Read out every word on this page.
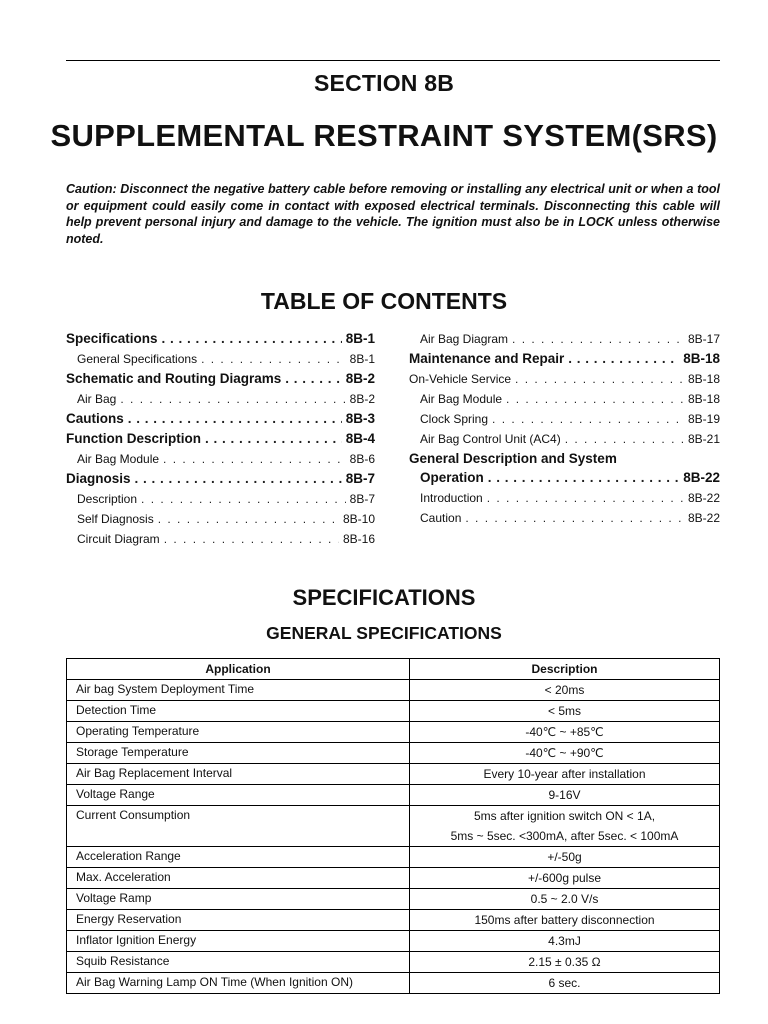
SECTION 8B
SUPPLEMENTAL RESTRAINT SYSTEM(SRS)
Caution: Disconnect the negative battery cable before removing or installing any electrical unit or when a tool or equipment could easily come in contact with exposed electrical terminals. Disconnecting this cable will help prevent personal injury and damage to the vehicle. The ignition must also be in LOCK unless otherwise noted.
TABLE OF CONTENTS
Specifications . . .	8B-1
General Specifications . . .	8B-1
Schematic and Routing Diagrams . . .	8B-2
Air Bag . . .	8B-2
Cautions . . .	8B-3
Function Description . . .	8B-4
Air Bag Module . . .	8B-6
Diagnosis . . .	8B-7
Description . . .	8B-7
Self Diagnosis . . .	8B-10
Circuit Diagram . . .	8B-16
Air Bag Diagram . . .	8B-17
Maintenance and Repair . . .	8B-18
On-Vehicle Service . . .	8B-18
Air Bag Module . . .	8B-18
Clock Spring . . .	8B-19
Air Bag Control Unit (AC4) . . .	8B-21
General Description and System
Operation . . .	8B-22
Introduction . . .	8B-22
Caution . . .	8B-22
SPECIFICATIONS
GENERAL SPECIFICATIONS
Application	Description
Air bag System Deployment Time	< 20ms

Detection Time	< 5ms

Operating Temperature	-40℃ ~ +85℃

Storage Temperature	-40℃ ~ +90℃

Air Bag Replacement Interval	Every 10-year after installation

Voltage Range	9-16V

Current Consumption	5ms after ignition switch ON < 1A,
5ms ~ 5sec. <300mA, after 5sec. < 100mA

Acceleration Range	+/-50g

Max. Acceleration	+/-600g pulse

Voltage Ramp	0.5 ~ 2.0 V/s

Energy Reservation	150ms after battery disconnection

Inflator Ignition Energy	4.3mJ

Squib Resistance	2.15 ± 0.35 Ω

Air Bag Warning Lamp ON Time (When Ignition ON)	6 sec.
